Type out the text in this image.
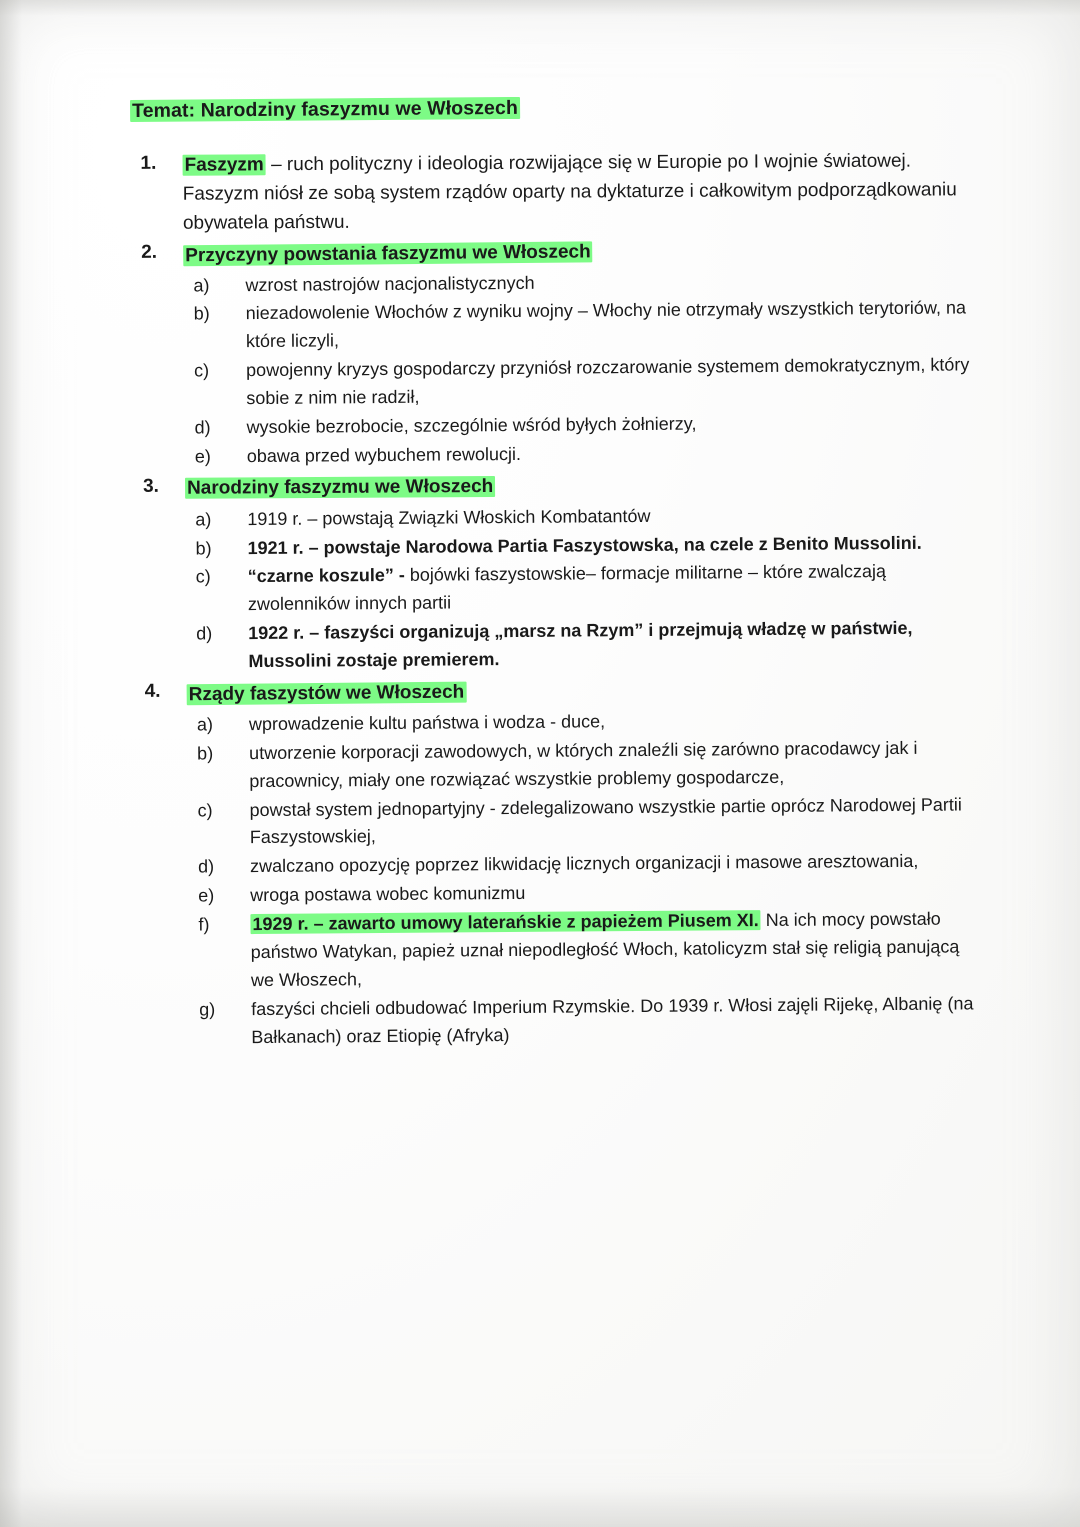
Temat: Narodziny faszyzmu we Włoszech
1. Faszyzm – ruch polityczny i ideologia rozwijające się w Europie po I wojnie światowej. Faszyzm niósł ze sobą system rządów oparty na dyktaturze i całkowitym podporządkowaniu obywatela państwu.
2. Przyczyny powstania faszyzmu we Włoszech
a) wzrost nastrojów nacjonalistycznych
b) niezadowolenie Włochów z wyniku wojny – Włochy nie otrzymały wszystkich terytoriów, na które liczyli,
c) powojenny kryzys gospodarczy przyniósł rozczarowanie systemem demokratycznym, który sobie z nim nie radził,
d) wysokie bezrobocie, szczególnie wśród byłych żołnierzy,
e) obawa przed wybuchem rewolucji.
3. Narodziny faszyzmu we Włoszech
a) 1919 r. – powstają Związki Włoskich Kombatantów
b) 1921 r. – powstaje Narodowa Partia Faszystowska, na czele z Benito Mussolini.
c) “czarne koszule” - bojówki faszystowskie– formacje militarne – które zwalczają zwolenników innych partii
d) 1922 r. – faszyści organizują „marsz na Rzym” i przejmują władzę w państwie, Mussolini zostaje premierem.
4. Rządy faszystów we Włoszech
a) wprowadzenie kultu państwa i wodza - duce,
b) utworzenie korporacji zawodowych, w których znaleźli się zarówno pracodawcy jak i pracownicy, miały one rozwiązać wszystkie problemy gospodarcze,
c) powstał system jednopartyjny - zdelegalizowano wszystkie partie oprócz Narodowej Partii Faszystowskiej,
d) zwalczano opozycję poprzez likwidację licznych organizacji i masowe aresztowania,
e) wroga postawa wobec komunizmu
f) 1929 r. – zawarto umowy laterańskie z papieżem Piusem XI. Na ich mocy powstało państwo Watykan, papież uznał niepodległość Włoch, katolicyzm stał się religią panującą we Włoszech,
g) faszyści chcieli odbudować Imperium Rzymskie. Do 1939 r. Włosi zajęli Rijekę, Albanię (na Bałkanach) oraz Etiopię (Afryka)
